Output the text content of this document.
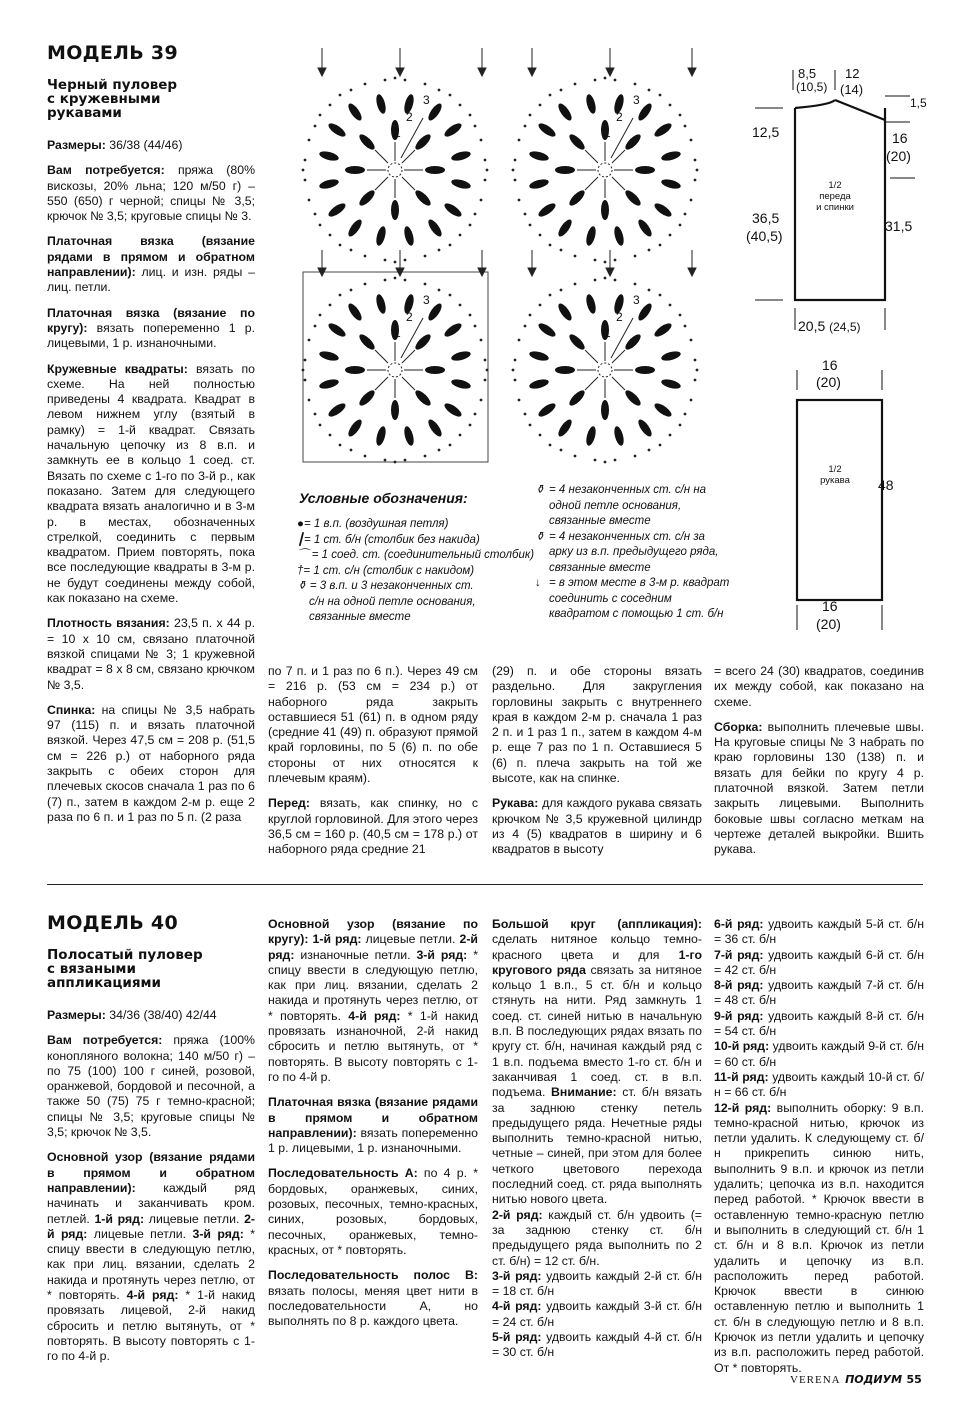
МОДЕЛЬ 39
Черный пуловер
с кружевными
рукавами

Размеры: 36/38 (44/46)

Вам потребуется: пряжа (80% вискозы, 20% льна; 120 м/50 г) – 550 (650) г черной; спицы № 3,5; крючок № 3,5; круговые спицы № 3.

Платочная вязка (вязание рядами в прямом и обратном направлении): лиц. и изн. ряды – лиц. петли.

Платочная вязка (вязание по кругу): вязать попеременно 1 р. лицевыми, 1 р. изнаночными.

Кружевные квадраты: вязать по схеме. На ней полностью приведены 4 квадрата. Квадрат в левом нижнем углу (взятый в рамку) = 1-й квадрат. Связать начальную цепочку из 8 в.п. и замкнуть ее в кольцо 1 соед. ст. Вязать по схеме с 1-го по 3-й р., как показано. Затем для следующего квадрата вязать аналогично и в 3-м р. в местах, обозначенных стрелкой, соединить с первым квадратом. Прием повторять, пока все последующие квадраты в 3-м р. не будут соединены между собой, как показано на схеме.

Плотность вязания: 23,5 п. x 44 р. = 10 x 10 см, связано платочной вязкой спицами № 3; 1 кружевной квадрат = 8 x 8 см, связано крючком № 3,5.

Спинка: на спицы № 3,5 набрать 97 (115) п. и вязать платочной вязкой. Через 47,5 см = 208 р. (51,5 см = 226 р.) от наборного ряда закрыть с обеих сторон для плечевых скосов сначала 1 раз по 6 (7) п., затем в каждом 2-м р. еще 2 раза по 6 п. и 1 раз по 5 п. (2 раза

по 7 п. и 1 раз по 6 п.). Через 49 см = 216 р. (53 см = 234 р.) от наборного ряда закрыть оставшиеся 51 (61) п. в одном ряду (средние 41 (49) п. образуют прямой край горловины, по 5 (6) п. по обе стороны от них относятся к плечевым краям).

Перед: вязать, как спинку, но с круглой горловиной. Для этого через 36,5 см = 160 р. (40,5 см = 178 р.) от наборного ряда средние 21

(29) п. и обе стороны вязать раздельно. Для закругления горловины закрыть с внутреннего края в каждом 2-м р. сначала 1 раз 2 п. и 1 раз 1 п., затем в каждом 4-м р. еще 7 раз по 1 п. Оставшиеся 5 (6) п. плеча закрыть на той же высоте, как на спинке.

Рукава: для каждого рукава связать крючком № 3,5 кружевной цилиндр из 4 (5) квадратов в ширину и 6 квадратов в высоту

= всего 24 (30) квадратов, соединив их между собой, как показано на схеме.

Сборка: выполнить плечевые швы. На круговые спицы № 3 набрать по краю горловины 130 (138) п. и вязать для бейки по кругу 4 р. платочной вязкой. Затем петли закрыть лицевыми. Выполнить боковые швы согласно меткам на чертеже деталей выкройки. Вшить рукава.

3
2
1
3
2
1
3
2
1
3
2
1
Условные обозначения:
●= 1 в.п. (воздушная петля)
┃= 1 ст. б/н (столбик без накида)
⌒ = 1 соед. ст. (соединительный столбик)
†= 1 ст. с/н (столбик с накидом)
⚱ = 3 в.п. и 3 незаконченных ст.
с/н на одной петле основания,
связанные вместе
⚱ = 4 незаконченных ст. с/н на одной петле основания, связанные вместе
⚱ = 4 незаконченных ст. с/н за арку из в.п. предыдущего ряда, связанные вместе
↓ = в этом месте в 3-м р. квадрат соединить с соседним квадратом с помощью 1 ст. б/н
8,5
(10,5)
12
(14)
1,5
12,5	16
(20)
36,5
(40,5)
31,5
1/2
переда
и спинки
20,5 (24,5)
16
(20)
1/2
рукава	48
16
(20)
МОДЕЛЬ 40
Полосатый пуловер
с вязаными
аппликациями

Размеры: 34/36 (38/40) 42/44

Вам потребуется: пряжа (100% конопляного волокна; 140 м/50 г) – по 75 (100) 100 г синей, розовой, оранжевой, бордовой и песочной, а также 50 (75) 75 г темно-красной; спицы № 3,5; круговые спицы № 3,5; крючок № 3,5.

Основной узор (вязание рядами в прямом и обратном направлении): каждый ряд начинать и заканчивать кром. петлей. 1-й ряд: лицевые петли. 2-й ряд: лицевые петли. 3-й ряд: * спицу ввести в следующую петлю, как при лиц. вязании, сделать 2 накида и протянуть через петлю, от * повторять. 4-й ряд: * 1-й накид провязать лицевой, 2-й накид сбросить и петлю вытянуть, от * повторять. В высоту повторять с 1-го по 4-й р.

Основной узор (вязание по кругу): 1-й ряд: лицевые петли. 2-й ряд: изнаночные петли. 3-й ряд: * спицу ввести в следующую петлю, как при лиц. вязании, сделать 2 накида и протянуть через петлю, от * повторять. 4-й ряд: * 1-й накид провязать изнаночной, 2-й накид сбросить и петлю вытянуть, от * повторять. В высоту повторять с 1-го по 4-й р.

Платочная вязка (вязание рядами в прямом и обратном направлении): вязать попеременно 1 р. лицевыми, 1 р. изнаночными.

Последовательность А: по 4 р. * бордовых, оранжевых, синих, розовых, песочных, темно-красных, синих, розовых, бордовых, песочных, оранжевых, темно-красных, от * повторять.

Последовательность полос В: вязать полосы, меняя цвет нити в последовательности А, но выполнять по 8 р. каждого цвета.

Большой круг (аппликация): сделать нитяное кольцо темно-красного цвета и для 1-го кругового ряда связать за нитяное кольцо 1 в.п., 5 ст. б/н и кольцо стянуть на нити. Ряд замкнуть 1 соед. ст. синей нитью в начальную в.п. В последующих рядах вязать по кругу ст. б/н, начиная каждый ряд с 1 в.п. подъема вместо 1-го ст. б/н и заканчивая 1 соед. ст. в в.п. подъема. Внимание: ст. б/н вязать за заднюю стенку петель предыдущего ряда. Нечетные ряды выполнить темно-красной нитью, четные – синей, при этом для более четкого цветового перехода последний соед. ст. ряда выполнять нитью нового цвета.

2-й ряд: каждый ст. б/н удвоить (= за заднюю стенку ст. б/н предыдущего ряда выполнить по 2 ст. б/н) = 12 ст. б/н.
3-й ряд: удвоить каждый 2-й ст. б/н = 18 ст. б/н
4-й ряд: удвоить каждый 3-й ст. б/н = 24 ст. б/н
5-й ряд: удвоить каждый 4-й ст. б/н = 30 ст. б/н
6-й ряд: удвоить каждый 5-й ст. б/н = 36 ст. б/н
7-й ряд: удвоить каждый 6-й ст. б/н = 42 ст. б/н
8-й ряд: удвоить каждый 7-й ст. б/н = 48 ст. б/н
9-й ряд: удвоить каждый 8-й ст. б/н = 54 ст. б/н
10-й ряд: удвоить каждый 9-й ст. б/н = 60 ст. б/н
11-й ряд: удвоить каждый 10-й ст. б/н = 66 ст. б/н
12-й ряд: выполнить оборку: 9 в.п. темно-красной нитью, крючок из петли удалить. К следующему ст. б/н прикрепить синюю нить, выполнить 9 в.п. и крючок из петли удалить; цепочка из в.п. находится перед работой. * Крючок ввести в оставленную темно-красную петлю и выполнить в следующий ст. б/н 1 ст. б/н и 8 в.п. Крючок из петли удалить и цепочку из в.п. расположить перед работой. Крючок ввести в синюю оставленную петлю и выполнить 1 ст. б/н в следующую петлю и 8 в.п. Крючок из петли удалить и цепочку из в.п. расположить перед работой. От * повторять.
VERENA ПОДИУМ 55
